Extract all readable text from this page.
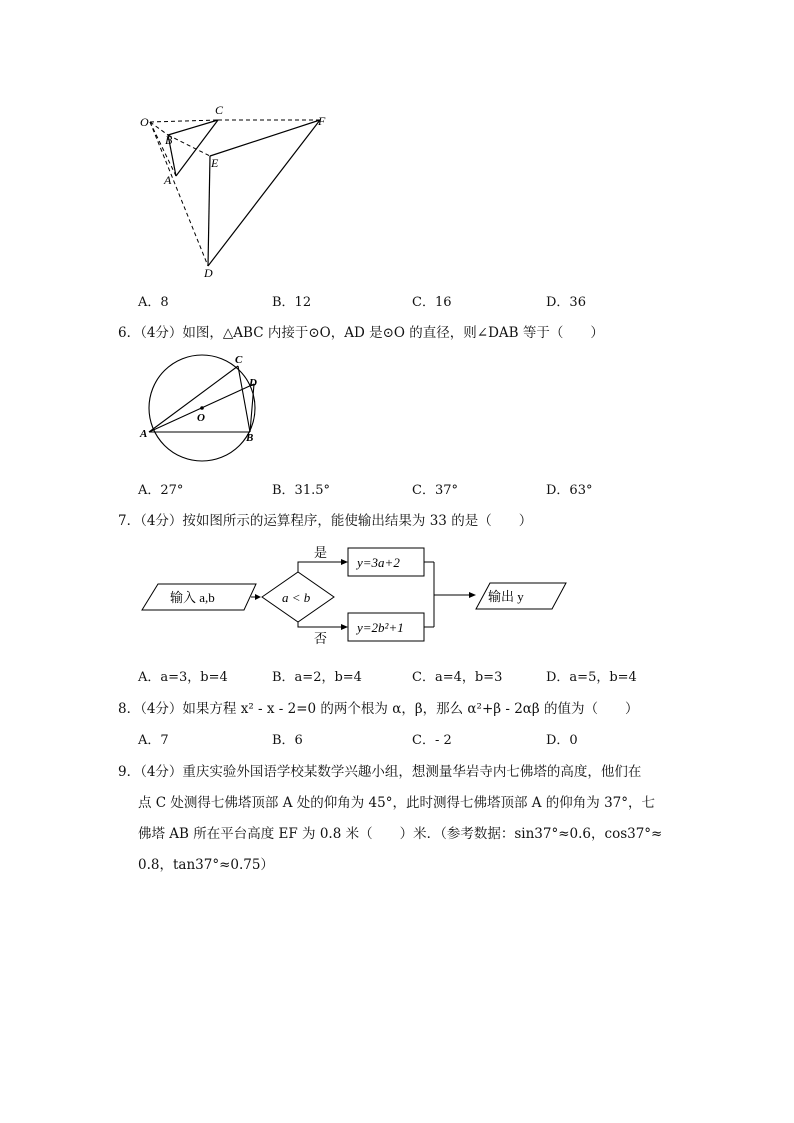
O
C
F
B
E
A
D
A．8	B．12	C．16	D．36
6．（4分）如图，△ABC 内接于⊙O，AD 是⊙O 的直径，则∠DAB 等于（　　）
A	B
C
D
O
A．27°	B．31.5°	C．37°	D．63°
7．（4分）按如图所示的运算程序，能使输出结果为 33 的是（　　）
输入 a,b	a < b
是
y=3a+2
否
y=2b²+1
输出 y
A．a=3，b=4	B．a=2，b=4	C．a=4，b=3	D．a=5，b=4
8．（4分）如果方程 x² - x - 2=0 的两个根为 α，β，那么 α²+β - 2αβ 的值为（　　）
A．7	B．6	C．- 2	D．0
9．（4分）重庆实验外国语学校某数学兴趣小组，想测量华岩寺内七佛塔的高度，他们在
点 C 处测得七佛塔顶部 A 处的仰角为 45°，此时测得七佛塔顶部 A 的仰角为 37°，七
佛塔 AB 所在平台高度 EF 为 0.8 米（　　）米．（参考数据：sin37°≈0.6，cos37°≈
0.8，tan37°≈0.75）
